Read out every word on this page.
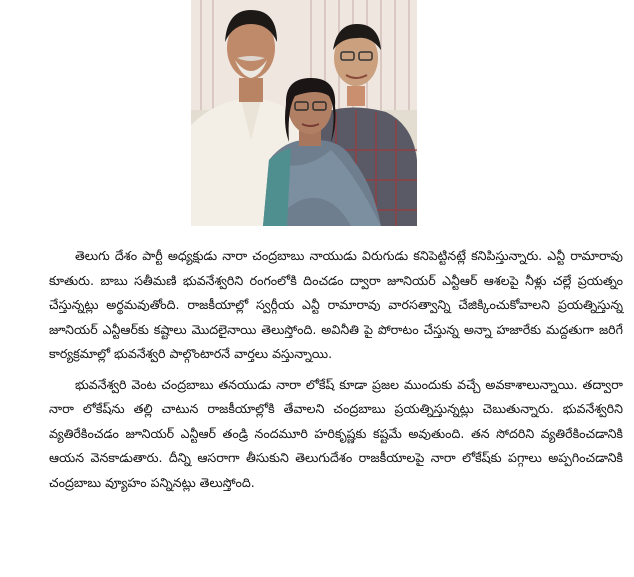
తెలుగు దేశం పార్టీ అధ్యక్షుడు నారా చంద్రబాబు నాయుడు విరుగుడు కనిపెట్టినట్లే కనిపిస్తున్నారు. ఎన్టీ రామారావు కూతురు. బాబు సతీమణి భువనేశ్వరిని రంగంలోకి దించడం ద్వారా జూనియర్ ఎన్టీఆర్ ఆశలపై నీళ్లు చల్లే ప్రయత్నం చేస్తున్నట్లు అర్థమవుతోంది. రాజకీయాల్లో స్వర్గీయ ఎన్టీ రామారావు వారసత్వాన్ని చేజిక్కించుకోవాలని ప్రయత్నిస్తున్న జూనియర్ ఎన్టీఆర్‌కు కష్టాలు మొదలైనాయి తెలుస్తోంది. అవినీతి పై పోరాటం చేస్తున్న అన్నా హజారేకు మద్దతుగా జరిగే కార్యక్రమాల్లో భువనేశ్వరి పాల్గొంటారనే వార్తలు వస్తున్నాయి.

భువనేశ్వరి వెంట చంద్రబాబు తనయుడు నారా లోకేష్ కూడా ప్రజల ముందుకు వచ్చే అవకాశాలున్నాయి. తద్వారా నారా లోకేష్‌ను తల్లి చాటున రాజకీయాల్లోకి తేవాలని చంద్రబాబు ప్రయత్నిస్తున్నట్లు చెబుతున్నారు. భువనేశ్వరిని వ్యతిరేకించడం జూనియర్ ఎన్టీఆర్ తండ్రి నందమూరి హరికృష్ణకు కష్టమే అవుతుంది. తన సోదరిని వ్యతిరేకించడానికి ఆయన వెనకాడుతారు. దీన్ని ఆసరాగా తీసుకుని తెలుగుదేశం రాజకీయాలపై నారా లోకేష్‌కు పగ్గాలు అప్పగించడానికి చంద్రబాబు వ్యూహం పన్నినట్లు తెలుస్తోంది.
